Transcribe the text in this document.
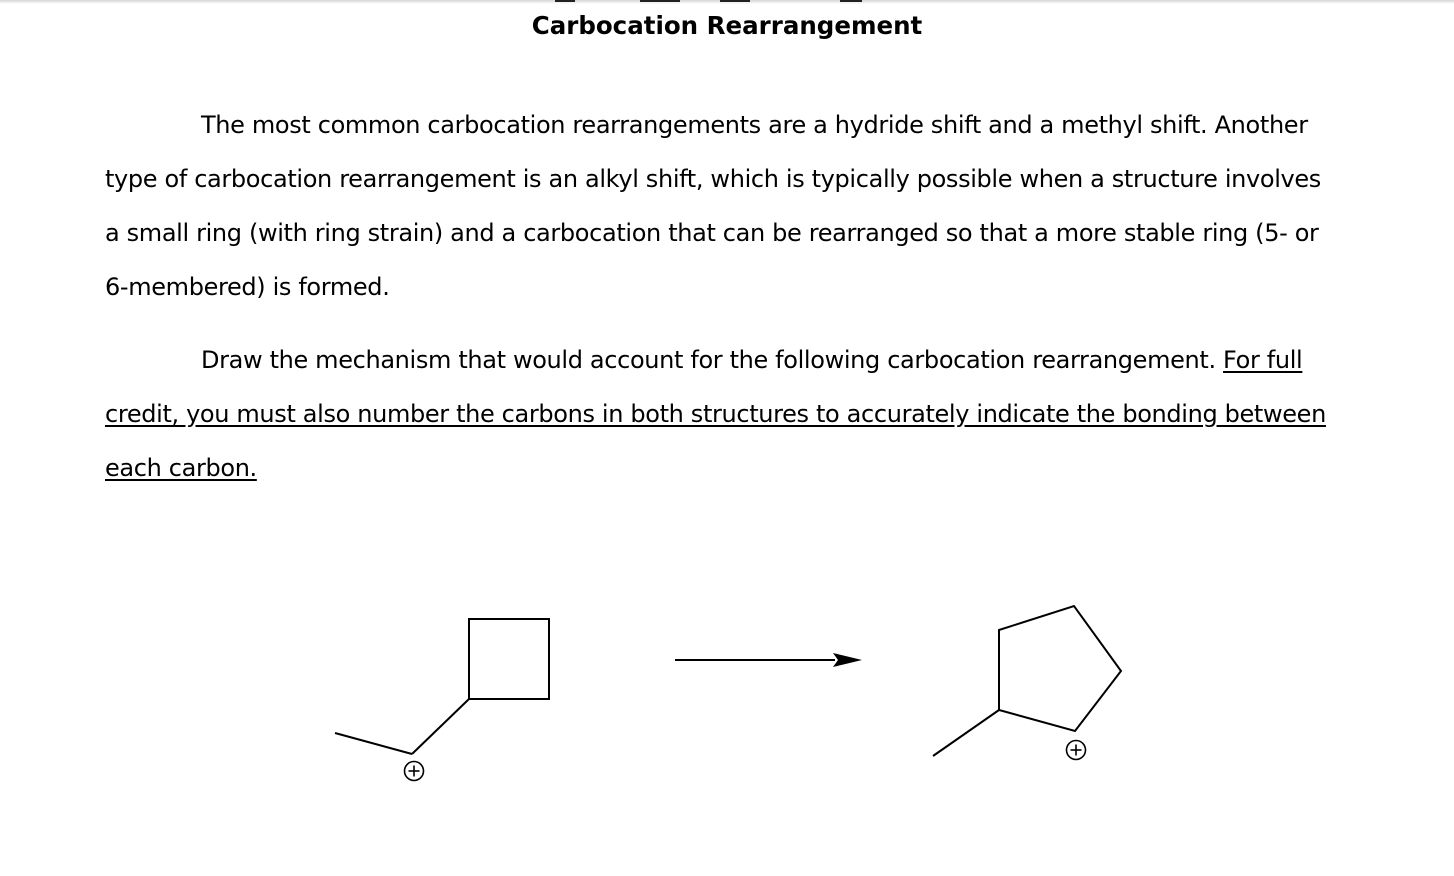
Carbocation Rearrangement
The most common carbocation rearrangements are a hydride shift and a methyl shift. Another
type of carbocation rearrangement is an alkyl shift, which is typically possible when a structure involves
a small ring (with ring strain) and a carbocation that can be rearranged so that a more stable ring (5- or
6-membered) is formed.
Draw the mechanism that would account for the following carbocation rearrangement. For full
credit, you must also number the carbons in both structures to accurately indicate the bonding between
each carbon.
